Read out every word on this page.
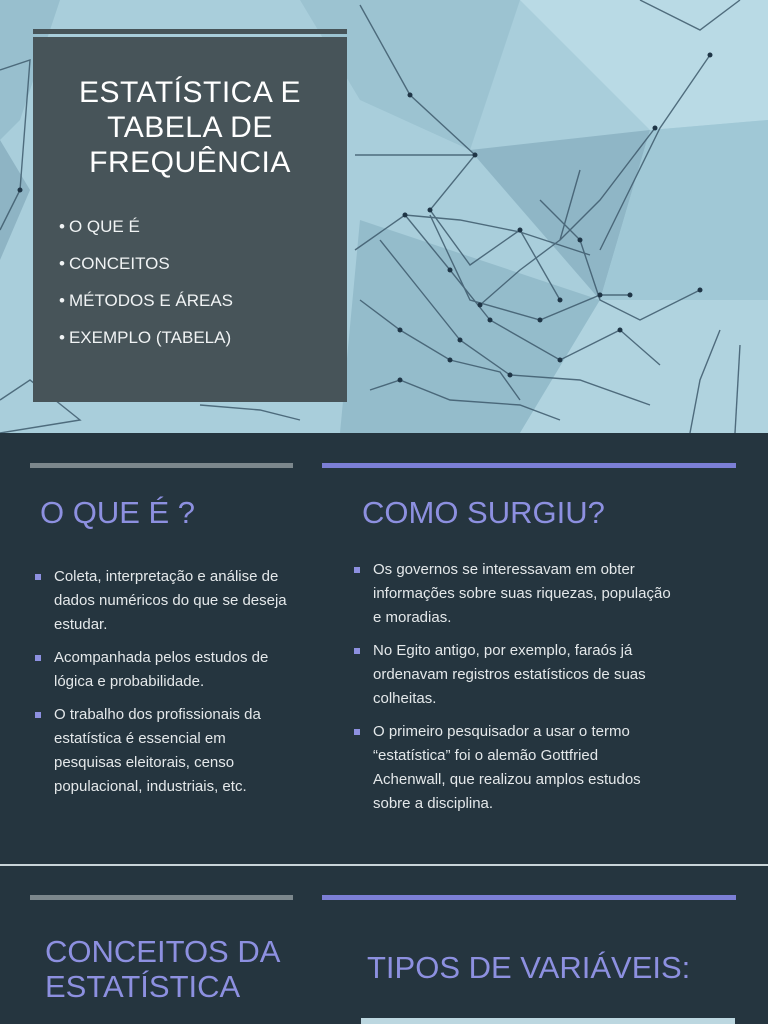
ESTATÍSTICA E
TABELA DE
FREQUÊNCIA
• O QUE É
• CONCEITOS
• MÉTODOS E ÁREAS
• EXEMPLO (TABELA)
O QUE É ?
Coleta, interpretação e análise de dados numéricos do que se deseja estudar.
Acompanhada pelos estudos de lógica e probabilidade.
O trabalho dos profissionais da estatística é essencial em pesquisas eleitorais, censo populacional, industriais, etc.
COMO SURGIU?
Os governos se interessavam em obter informações sobre suas riquezas, população e moradias.
No Egito antigo, por exemplo, faraós já ordenavam registros estatísticos de suas colheitas.
O primeiro pesquisador a usar o termo “estatística” foi o alemão Gottfried Achenwall, que realizou amplos estudos sobre a disciplina.
CONCEITOS DA
ESTATÍSTICA
TIPOS DE VARIÁVEIS:
